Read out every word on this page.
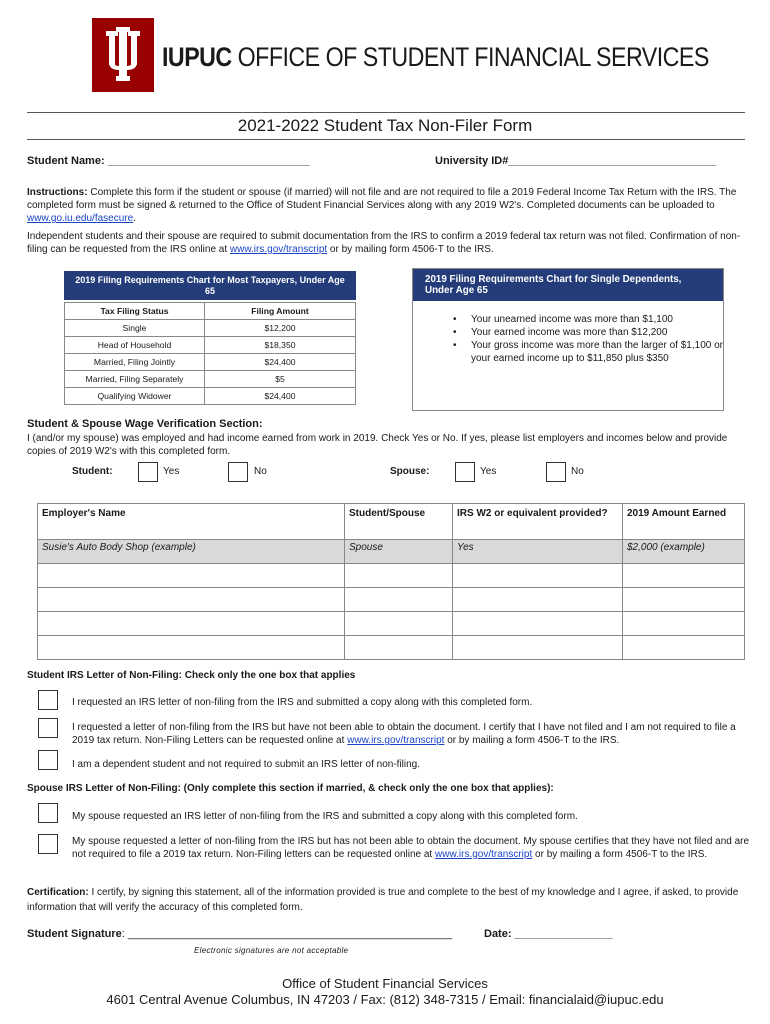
IUPUC OFFICE OF STUDENT FINANCIAL SERVICES
2021-2022 Student Tax Non-Filer Form
Student Name: _________________________________	University ID#__________________________________
Instructions: Complete this form if the student or spouse (if married) will not file and are not required to file a 2019 Federal Income Tax Return with the IRS. The completed form must be signed & returned to the Office of Student Financial Services along with any 2019 W2's. Completed documents can be uploaded to www.go.iu.edu/fasecure.
Independent students and their spouse are required to submit documentation from the IRS to confirm a 2019 federal tax return was not filed. Confirmation of non-filing can be requested from the IRS online at www.irs.gov/transcript or by mailing form 4506-T to the IRS.
2019 Filing Requirements Chart for Most Taxpayers, Under Age 65
Tax Filing Status	Filing Amount
Single	$12,200
Head of Household	$18,350
Married, Filing Jointly	$24,400
Married, Filing Separately	$5
Qualifying Widower	$24,400
2019 Filing Requirements Chart for Single Dependents, Under Age 65
• Your unearned income was more than $1,100
• Your earned income was more than $12,200
• Your gross income was more than the larger of $1,100 or your earned income up to $11,850 plus $350
Student & Spouse Wage Verification Section:
I (and/or my spouse) was employed and had income earned from work in 2019. Check Yes or No. If yes, please list employers and incomes below and provide copies of 2019 W2's with this completed form.
Student:	Yes	No	Spouse:	Yes	No
Employer's Name	Student/Spouse	IRS W2 or equivalent provided?	2019 Amount Earned
Susie's Auto Body Shop (example)	Spouse	Yes	$2,000 (example)

Student IRS Letter of Non-Filing: Check only the one box that applies
I requested an IRS letter of non-filing from the IRS and submitted a copy along with this completed form.
I requested a letter of non-filing from the IRS but have not been able to obtain the document. I certify that I have not filed and I am not required to file a 2019 tax return. Non-Filing Letters can be requested online at www.irs.gov/transcript or by mailing a form 4506-T to the IRS.
I am a dependent student and not required to submit an IRS letter of non-filing.
Spouse IRS Letter of Non-Filing: (Only complete this section if married, & check only the one box that applies):
My spouse requested an IRS letter of non-filing from the IRS and submitted a copy along with this completed form.
My spouse requested a letter of non-filing from the IRS but has not been able to obtain the document. My spouse certifies that they have not filed and are not required to file a 2019 tax return. Non-Filing letters can be requested online at www.irs.gov/transcript or by mailing a form 4506-T to the IRS.
Certification: I certify, by signing this statement, all of the information provided is true and complete to the best of my knowledge and I agree, if asked, to provide information that will verify the accuracy of this completed form.
Student Signature: _____________________________________________________	Date: ________________
Electronic signatures are not acceptable
Office of Student Financial Services
4601 Central Avenue Columbus, IN 47203 / Fax: (812) 348-7315 / Email: financialaid@iupuc.edu
